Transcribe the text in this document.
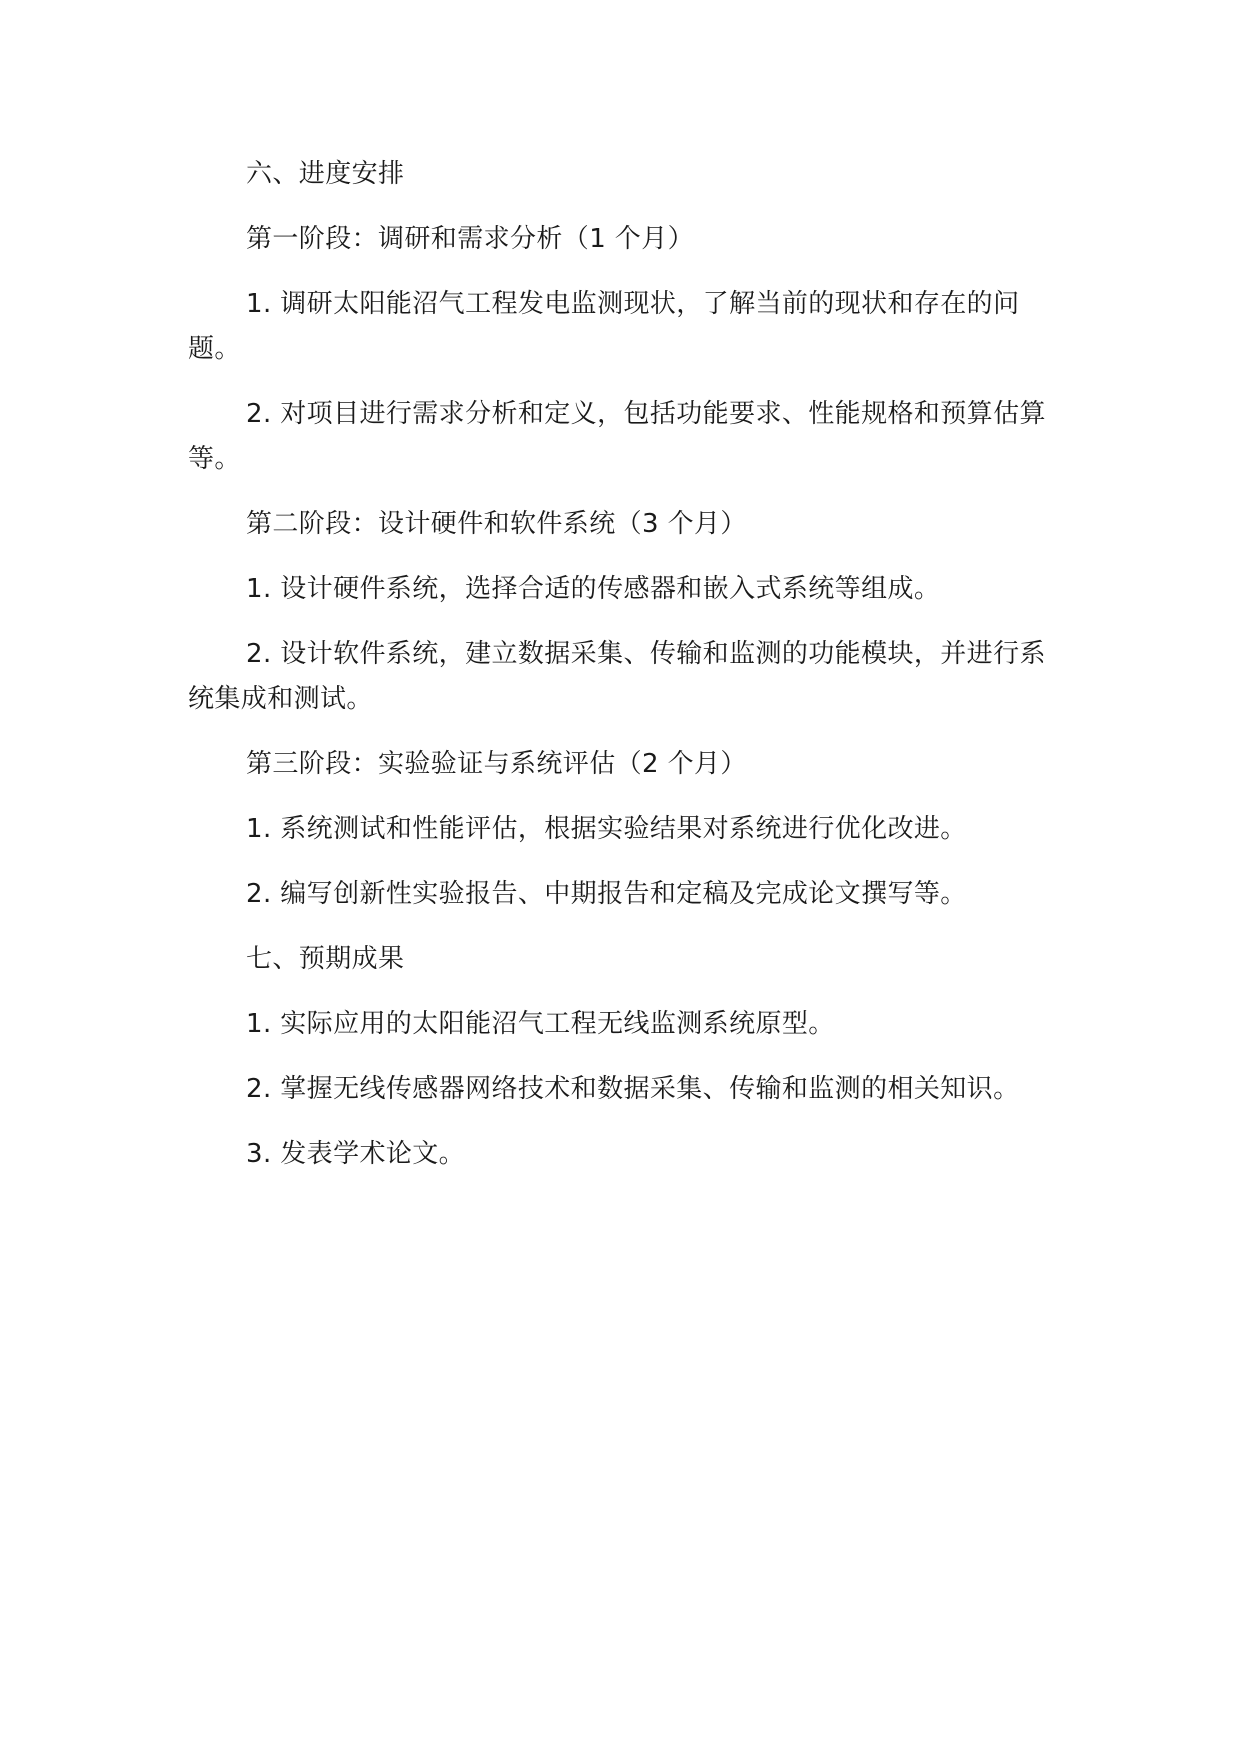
六、进度安排

第一阶段：调研和需求分析（1 个月）

1. 调研太阳能沼气工程发电监测现状，了解当前的现状和存在的问题。

2. 对项目进行需求分析和定义，包括功能要求、性能规格和预算估算等。

第二阶段：设计硬件和软件系统（3 个月）

1. 设计硬件系统，选择合适的传感器和嵌入式系统等组成。

2. 设计软件系统，建立数据采集、传输和监测的功能模块，并进行系统集成和测试。

第三阶段：实验验证与系统评估（2 个月）

1. 系统测试和性能评估，根据实验结果对系统进行优化改进。

2. 编写创新性实验报告、中期报告和定稿及完成论文撰写等。

七、预期成果

1. 实际应用的太阳能沼气工程无线监测系统原型。

2. 掌握无线传感器网络技术和数据采集、传输和监测的相关知识。

3. 发表学术论文。
